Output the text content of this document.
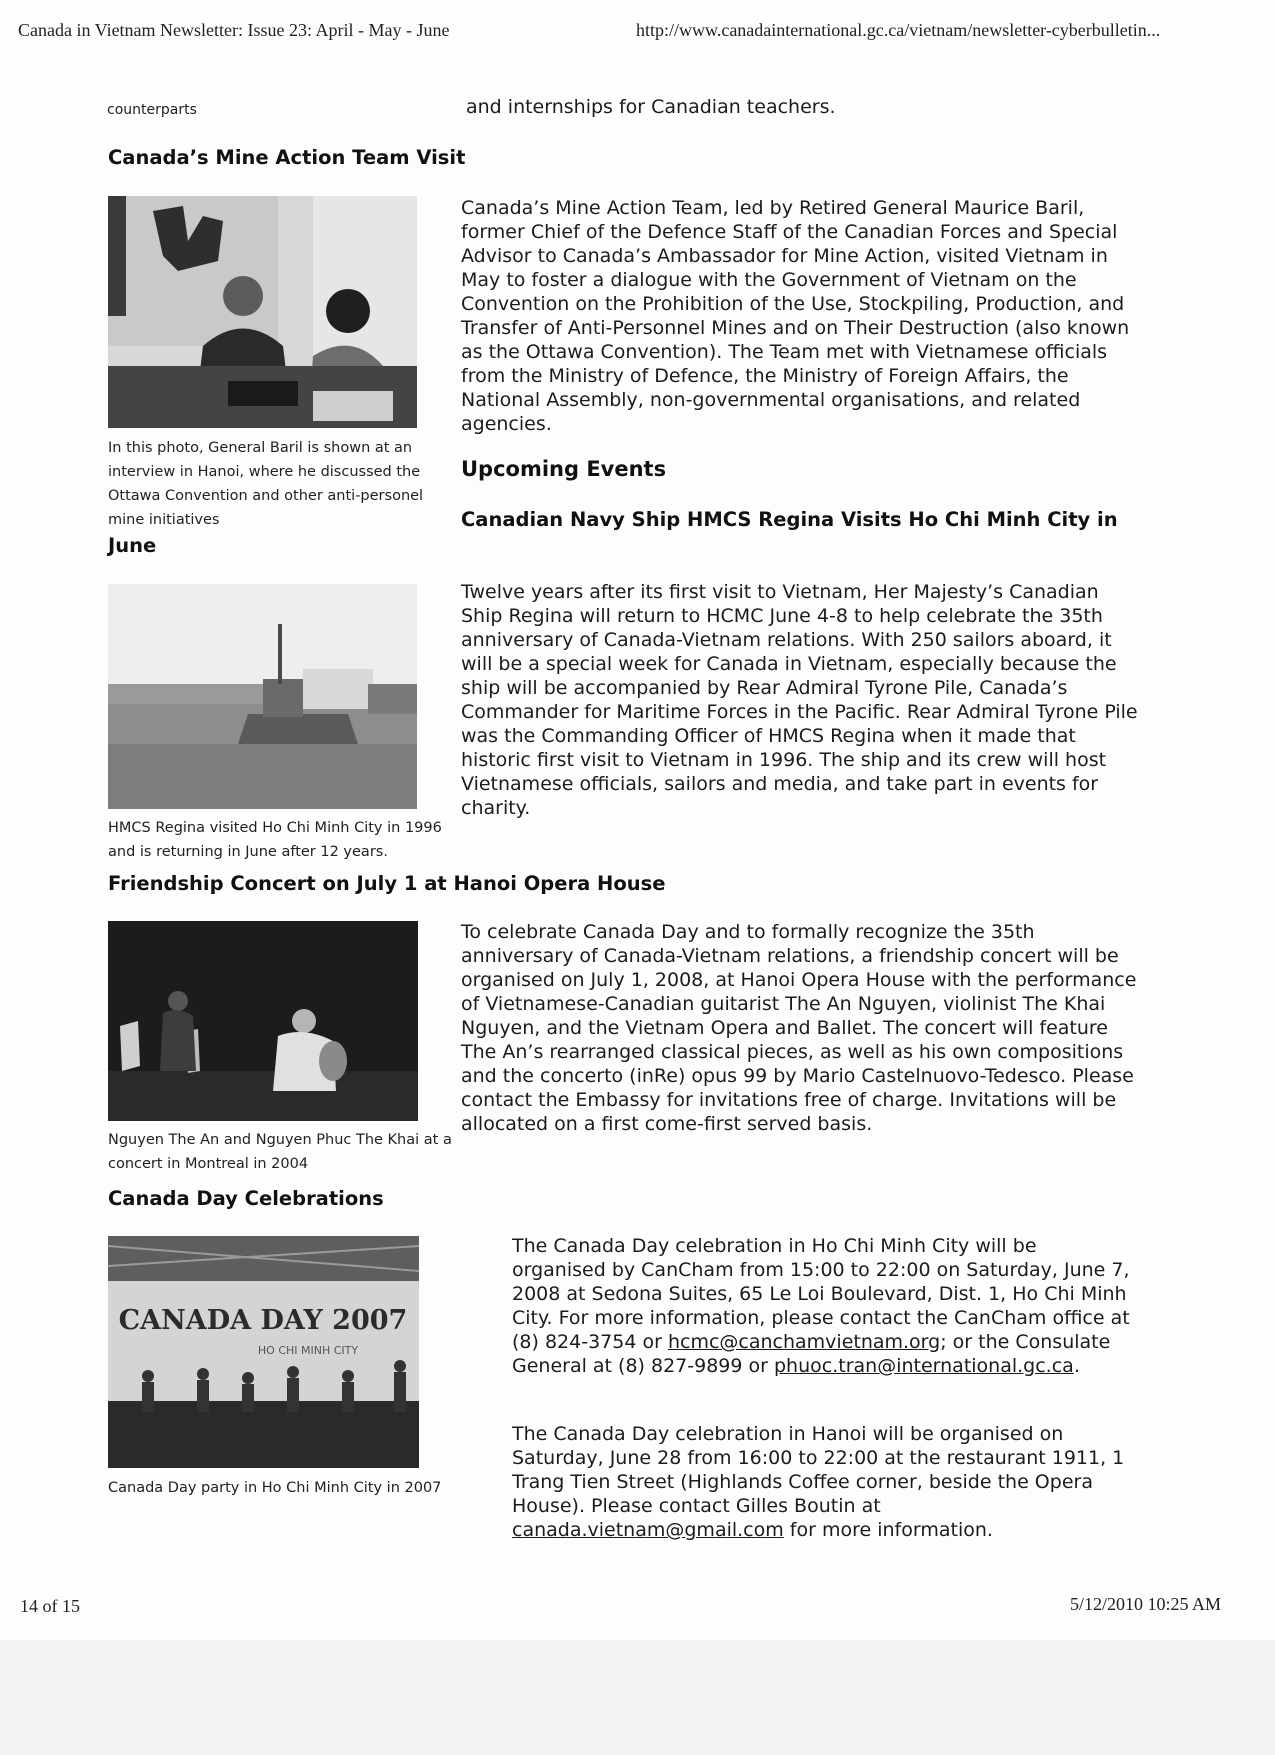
Canada in Vietnam Newsletter: Issue 23: April - May - June	http://www.canadainternational.gc.ca/vietnam/newsletter-cyberbulletin...
counterparts	and internships for Canadian teachers.
Canada’s Mine Action Team Visit
In this photo, General Baril is shown at an interview in Hanoi, where he discussed the Ottawa Convention and other anti-personel mine initiatives
Canada’s Mine Action Team, led by Retired General Maurice Baril, former Chief of the Defence Staff of the Canadian Forces and Special Advisor to Canada’s Ambassador for Mine Action, visited Vietnam in May to foster a dialogue with the Government of Vietnam on the Convention on the Prohibition of the Use, Stockpiling, Production, and Transfer of Anti-Personnel Mines and on Their Destruction (also known as the Ottawa Convention). The Team met with Vietnamese officials from the Ministry of Defence, the Ministry of Foreign Affairs, the National Assembly, non-governmental organisations, and related agencies.
Upcoming Events
Canadian Navy Ship HMCS Regina Visits Ho Chi Minh City in
June
HMCS Regina visited Ho Chi Minh City in 1996 and is returning in June after 12 years.
Twelve years after its first visit to Vietnam, Her Majesty’s Canadian Ship Regina will return to HCMC June 4-8 to help celebrate the 35th anniversary of Canada-Vietnam relations. With 250 sailors aboard, it will be a special week for Canada in Vietnam, especially because the ship will be accompanied by Rear Admiral Tyrone Pile, Canada’s Commander for Maritime Forces in the Pacific. Rear Admiral Tyrone Pile was the Commanding Officer of HMCS Regina when it made that historic first visit to Vietnam in 1996. The ship and its crew will host Vietnamese officials, sailors and media, and take part in events for charity.
Friendship Concert on July 1 at Hanoi Opera House
Nguyen The An and Nguyen Phuc The Khai at a concert in Montreal in 2004
To celebrate Canada Day and to formally recognize the 35th anniversary of Canada-Vietnam relations, a friendship concert will be organised on July 1, 2008, at Hanoi Opera House with the performance of Vietnamese-Canadian guitarist The An Nguyen, violinist The Khai Nguyen, and the Vietnam Opera and Ballet. The concert will feature The An’s rearranged classical pieces, as well as his own compositions and the concerto (inRe) opus 99 by Mario Castelnuovo-Tedesco. Please contact the Embassy for invitations free of charge. Invitations will be allocated on a first come-first served basis.
Canada Day Celebrations
CANADA DAY 2007
HO CHI MINH CITY
Canada Day party in Ho Chi Minh City in 2007

The Canada Day celebration in Ho Chi Minh City will be organised by CanCham from 15:00 to 22:00 on Saturday, June 7, 2008 at Sedona Suites, 65 Le Loi Boulevard, Dist. 1, Ho Chi Minh City. For more information, please contact the CanCham office at (8) 824-3754 or hcmc@canchamvietnam.org; or the Consulate General at (8) 827-9899 or phuoc.tran@international.gc.ca.

The Canada Day celebration in Hanoi will be organised on Saturday, June 28 from 16:00 to 22:00 at the restaurant 1911, 1 Trang Tien Street (Highlands Coffee corner, beside the Opera House). Please contact Gilles Boutin at canada.vietnam@gmail.com for more information.

14 of 15	5/12/2010 10:25 AM
